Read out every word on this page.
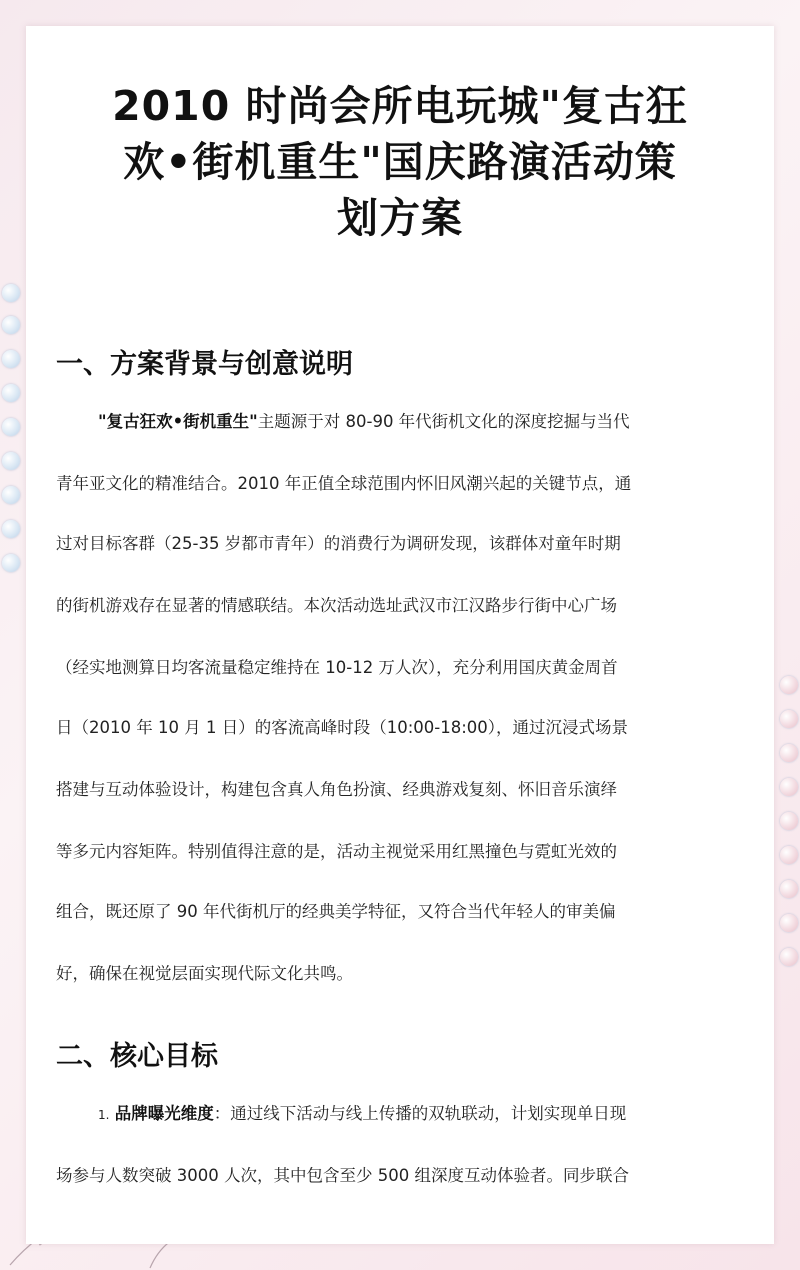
2010 时尚会所电玩城"复古狂
欢•街机重生"国庆路演活动策
划方案
一、方案背景与创意说明
"复古狂欢•街机重生"主题源于对 80-90 年代街机文化的深度挖掘与当代
青年亚文化的精准结合。2010 年正值全球范围内怀旧风潮兴起的关键节点，通
过对目标客群（25-35 岁都市青年）的消费行为调研发现，该群体对童年时期
的街机游戏存在显著的情感联结。本次活动选址武汉市江汉路步行街中心广场
（经实地测算日均客流量稳定维持在 10-12 万人次），充分利用国庆黄金周首
日（2010 年 10 月 1 日）的客流高峰时段（10:00-18:00），通过沉浸式场景
搭建与互动体验设计，构建包含真人角色扮演、经典游戏复刻、怀旧音乐演绎
等多元内容矩阵。特别值得注意的是，活动主视觉采用红黑撞色与霓虹光效的
组合，既还原了 90 年代街机厅的经典美学特征，又符合当代年轻人的审美偏
好，确保在视觉层面实现代际文化共鸣。
二、核心目标
1. 品牌曝光维度：通过线下活动与线上传播的双轨联动，计划实现单日现
场参与人数突破 3000 人次，其中包含至少 500 组深度互动体验者。同步联合
